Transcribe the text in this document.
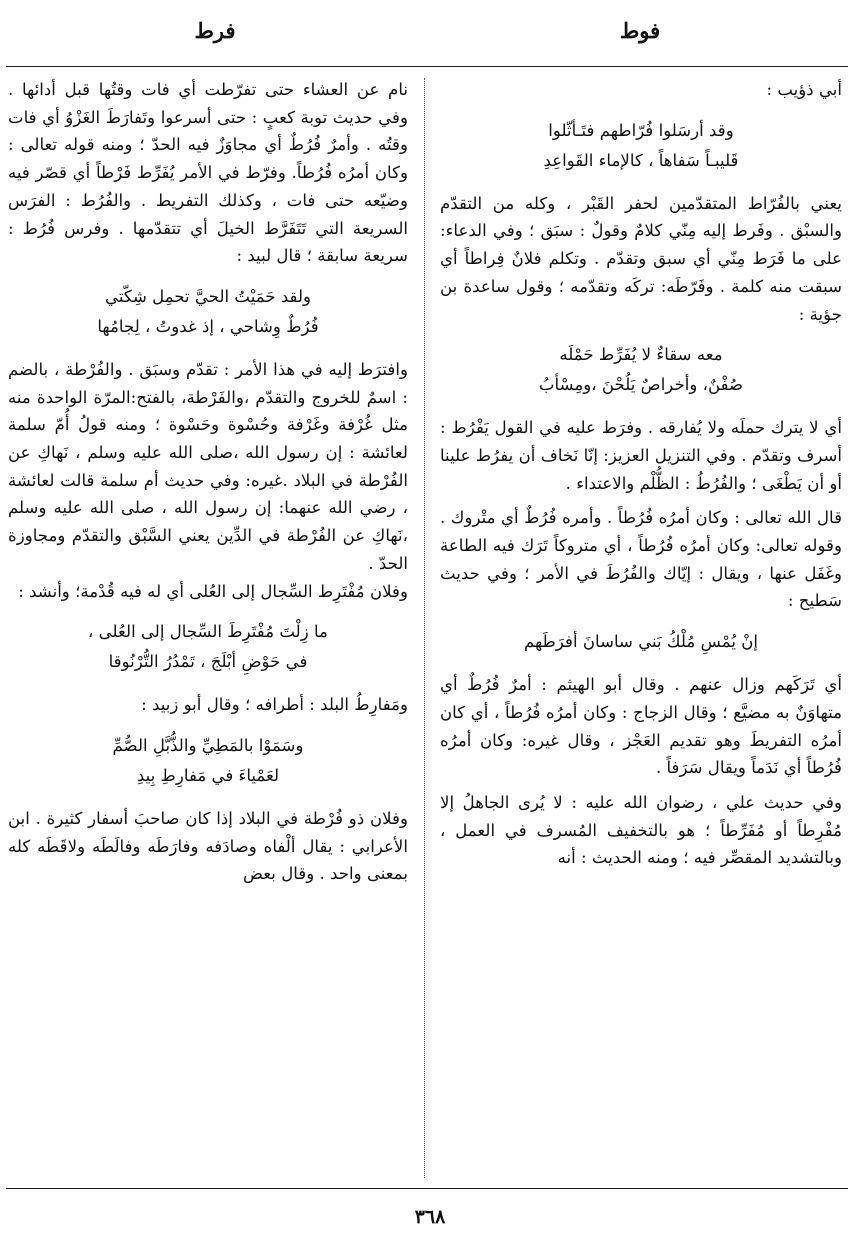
فوط
فرط

أبي ذؤيب :

وقد أرسَلوا فُرّاطهم فتَـأثّلوا
قَليبـاً سَفاهاً ، كالإماء القَواعِدِ

يعني بالفُرّاط المتقدّمين لحفر القَبْر ، وكله من التقدّم والسبْق . وفَرط إليه مِنّي كلامٌ وقولٌ : سبَق ؛ وفي الدعاء: على ما فَرَط مِنّي أي سبق وتقدّم . وتكلم فلانٌ فِراطاً أي سبقت منه كلمة . وفَرّطَه: تركَه وتقدّمه ؛ وقول ساعدة بن جؤية :

معه سقاءٌ لا يُفَرِّط حَمْلَه
صُفْنٌ، وأخراصٌ يَلُحْنَ ،ومِسْأبُ

أي لا يترك حملَه ولا يُفارقه . وفرَط عليه في القول يَفْرُط : أسرف وتقدّم . وفي التنزيل العزيز: إنّا نَخاف أن يفرُط علينا أو أن يَطْغَى ؛ والفُرُطُ : الظُّلْم والاعتداء .

قال الله تعالى : وكان أمرُه فُرُطاً . وأمره فُرُطٌ أي متْروك . وقوله تعالى: وكان أمرُه فُرُطاً ، أي متروكاً تَرَك فيه الطاعة وغَفَل عنها ، ويقال : إيّاك والفُرُطَ في الأمر ؛ وفي حديث سَطيح :

إنْ يُمْسِ مُلْكُ بَني ساسانَ أفرَطَهم

أي تَرَكَهم وزال عنهم . وقال أبو الهيثم : أمرٌ فُرُطٌ أي متهاوَنٌ به مضيَّع ؛ وقال الزجاج : وكان أمرُه فُرُطاً ، أي كان أمرُه التفريطَ وهو تقديم العَجْز ، وقال غيره: وكان أمرُه فُرُطاً أي نَدَماً ويقال سَرَفاً .

وفي حديث علي ، رضوان الله عليه : لا يُرى الجاهلُ إلا مُفْرِطاً أو مُفَرِّطاً ؛ هو بالتخفيف المُسرف في العمل ، وبالتشديد المقصِّر فيه ؛ ومنه الحديث : أنه

نام عن العشاء حتى تفرّطت أي فات وقتُها قبل أدائها . وفي حديث توبة كعبٍ : حتى أسرعوا وتَفارَطَ الغَزْوُ أي فات وقتُه . وأمرٌ فُرُطٌ أي مجاوَزٌ فيه الحدّ ؛ ومنه قوله تعالى : وكان أمرُه فُرُطاً. وفرّط في الأمر يُفَرِّط فَرْطاً أي قصّر فيه وضيّعه حتى فات ، وكذلك التفريط . والفُرُط : الفرَس السريعة التي تَتَفَرَّط الخيلَ أي تتقدّمها . وفرس فُرُط : سريعة سابقة ؛ قال لبيد :

ولقد حَمَيْتُ الحيَّ تحمِل شِكّتي
فُرُطٌ وِشاحي ، إذ غدوتُ ، لِجامُها

وافترَط إليه في هذا الأمر : تقدّم وسبَق . والفُرْطة ، بالضم : اسمٌ للخروج والتقدّم ،والفَرْطة، بالفتح:المرّة الواحدة منه مثل غُرْفة وغَرْفة وحُسْوة وحَسْوة ؛ ومنه قولُ أُمّ سلمة لعائشة : إن رسول الله ،صلى الله عليه وسلم ، نَهاكِ عن الفُرْطة في البلاد .غيره: وفي حديث أم سلمة قالت لعائشة ، رضي الله عنهما: إن رسول الله ، صلى الله عليه وسلم ،نَهاكِ عن الفُرْطة في الدِّين يعني السَّبْق والتقدّم ومجاوزة الحدّ .

وفلان مُفْتَرِط السِّجال إلى العُلى أي له فيه قُدْمة؛ وأنشد :

ما زِلْتَ مُفْتَرِطَ السِّجال إلى العُلى ،
في حَوْضِ أبْلَجَ ، تَمْدُرُ التُّرْنُوقا

ومَفارِطُ البلد : أطرافه ؛ وقال أبو زبيد :

وسَمَوْا بالمَطِيِّ والذُّبَّلِ الصُّمِّ
لعَمْياءَ في مَفارِطِ بِيدِ

وفلان ذو فُرْطة في البلاد إذا كان صاحبَ أسفار كثيرة . ابن الأعرابي : يقال ألْفاه وصادَفه وفارَطَه وفالَطَه ولاقَطَه كله بمعنى واحد . وقال بعض

٣٦٨
